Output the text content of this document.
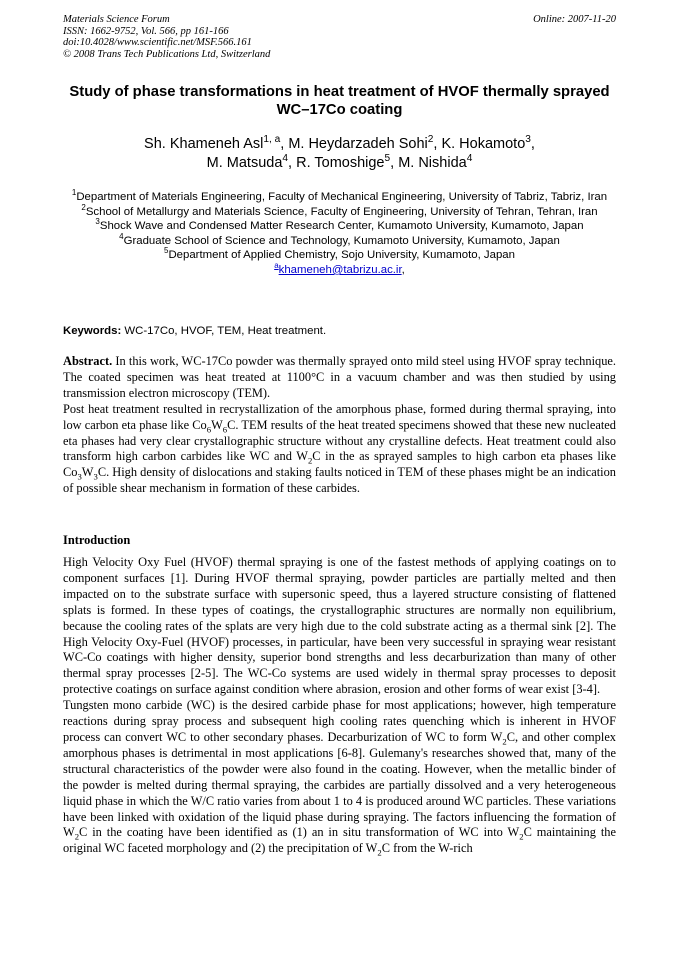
Materials Science Forum
ISSN: 1662-9752, Vol. 566, pp 161-166
doi:10.4028/www.scientific.net/MSF.566.161
© 2008 Trans Tech Publications Ltd, Switzerland
Online: 2007-11-20
Study of phase transformations in heat treatment of HVOF thermally sprayed WC–17Co coating
Sh. Khameneh Asl$^{1, a}$, M. Heydarzadeh Sohi$^2$, K. Hokamoto$^3$,
M. Matsuda$^4$, R. Tomoshige$^5$, M. Nishida$^4$
$^1$Department of Materials Engineering, Faculty of Mechanical Engineering, University of Tabriz, Tabriz, Iran
$^2$School of Metallurgy and Materials Science, Faculty of Engineering, University of Tehran, Tehran, Iran
$^3$Shock Wave and Condensed Matter Research Center, Kumamoto University, Kumamoto, Japan
$^4$Graduate School of Science and Technology, Kumamoto University, Kumamoto, Japan
$^5$Department of Applied Chemistry, Sojo University, Kumamoto, Japan
$^a$khameneh@tabrizu.ac.ir,
Keywords: WC-17Co, HVOF, TEM, Heat treatment.

Abstract. In this work, WC-17Co powder was thermally sprayed onto mild steel using HVOF spray technique. The coated specimen was heat treated at 1100°C in a vacuum chamber and was then studied by using transmission electron microscopy (TEM).

Post heat treatment resulted in recrystallization of the amorphous phase, formed during thermal spraying, into low carbon eta phase like $Co_6W_6C$. TEM results of the heat treated specimens showed that these new nucleated eta phases had very clear crystallographic structure without any crystalline defects. Heat treatment could also transform high carbon carbides like WC and $W_2C$ in the as sprayed samples to high carbon eta phases like $Co_3W_3C$. High density of dislocations and staking faults noticed in TEM of these phases might be an indication of possible shear mechanism in formation of these carbides.

Introduction

High Velocity Oxy Fuel (HVOF) thermal spraying is one of the fastest methods of applying coatings on to component surfaces [1]. During HVOF thermal spraying, powder particles are partially melted and then impacted on to the substrate surface with supersonic speed, thus a layered structure consisting of flattened splats is formed. In these types of coatings, the crystallographic structures are normally non equilibrium, because the cooling rates of the splats are very high due to the cold substrate acting as a thermal sink [2]. The High Velocity Oxy-Fuel (HVOF) processes, in particular, have been very successful in spraying wear resistant WC-Co coatings with higher density, superior bond strengths and less decarburization than many of other thermal spray processes [2-5]. The WC-Co systems are used widely in thermal spray processes to deposit protective coatings on surface against condition where abrasion, erosion and other forms of wear exist [3-4].

Tungsten mono carbide (WC) is the desired carbide phase for most applications; however, high temperature reactions during spray process and subsequent high cooling rates quenching which is inherent in HVOF process can convert WC to other secondary phases. Decarburization of WC to form $W_2C$, and other complex amorphous phases is detrimental in most applications [6-8]. Gulemany's researches showed that, many of the structural characteristics of the powder were also found in the coating. However, when the metallic binder of the powder is melted during thermal spraying, the carbides are partially dissolved and a very heterogeneous liquid phase in which the W/C ratio varies from about 1 to 4 is produced around WC particles. These variations have been linked with oxidation of the liquid phase during spraying. The factors influencing the formation of $W_2C$ in the coating have been identified as (1) an in situ transformation of WC into $W_2C$ maintaining the original WC faceted morphology and (2) the precipitation of $W_2C$ from the W-rich
